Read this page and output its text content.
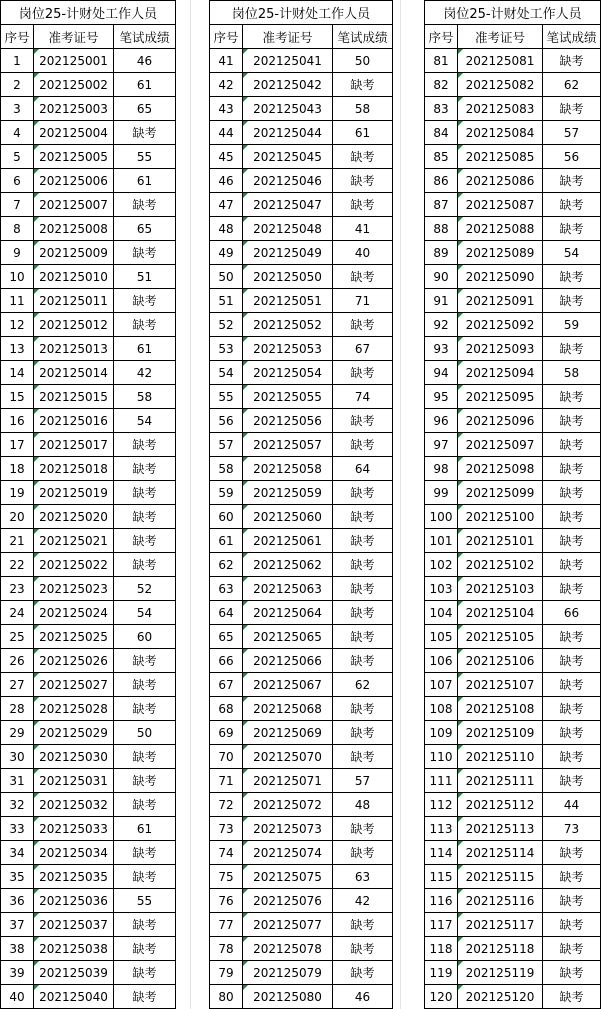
岗位25-计财处工作人员		
序号	准考证号	笔试成绩
1	202125001	46
2	202125002	61
3	202125003	65
4	202125004	缺考
5	202125005	55
6	202125006	61
7	202125007	缺考
8	202125008	65
9	202125009	缺考
10	202125010	51
11	202125011	缺考
12	202125012	缺考
13	202125013	61
14	202125014	42
15	202125015	58
16	202125016	54
17	202125017	缺考
18	202125018	缺考
19	202125019	缺考
20	202125020	缺考
21	202125021	缺考
22	202125022	缺考
23	202125023	52
24	202125024	54
25	202125025	60
26	202125026	缺考
27	202125027	缺考
28	202125028	缺考
29	202125029	50
30	202125030	缺考
31	202125031	缺考
32	202125032	缺考
33	202125033	61
34	202125034	缺考
35	202125035	缺考
36	202125036	55
37	202125037	缺考
38	202125038	缺考
39	202125039	缺考
40	202125040	缺考
岗位25-计财处工作人员		
序号	准考证号	笔试成绩
41	202125041	50
42	202125042	缺考
43	202125043	58
44	202125044	61
45	202125045	缺考
46	202125046	缺考
47	202125047	缺考
48	202125048	41
49	202125049	40
50	202125050	缺考
51	202125051	71
52	202125052	缺考
53	202125053	67
54	202125054	缺考
55	202125055	74
56	202125056	缺考
57	202125057	缺考
58	202125058	64
59	202125059	缺考
60	202125060	缺考
61	202125061	缺考
62	202125062	缺考
63	202125063	缺考
64	202125064	缺考
65	202125065	缺考
66	202125066	缺考
67	202125067	62
68	202125068	缺考
69	202125069	缺考
70	202125070	缺考
71	202125071	57
72	202125072	48
73	202125073	缺考
74	202125074	缺考
75	202125075	63
76	202125076	42
77	202125077	缺考
78	202125078	缺考
79	202125079	缺考
80	202125080	46
岗位25-计财处工作人员		
序号	准考证号	笔试成绩
81	202125081	缺考
82	202125082	62
83	202125083	缺考
84	202125084	57
85	202125085	56
86	202125086	缺考
87	202125087	缺考
88	202125088	缺考
89	202125089	54
90	202125090	缺考
91	202125091	缺考
92	202125092	59
93	202125093	缺考
94	202125094	58
95	202125095	缺考
96	202125096	缺考
97	202125097	缺考
98	202125098	缺考
99	202125099	缺考
100	202125100	缺考
101	202125101	缺考
102	202125102	缺考
103	202125103	缺考
104	202125104	66
105	202125105	缺考
106	202125106	缺考
107	202125107	缺考
108	202125108	缺考
109	202125109	缺考
110	202125110	缺考
111	202125111	缺考
112	202125112	44
113	202125113	73
114	202125114	缺考
115	202125115	缺考
116	202125116	缺考
117	202125117	缺考
118	202125118	缺考
119	202125119	缺考
120	202125120	缺考
